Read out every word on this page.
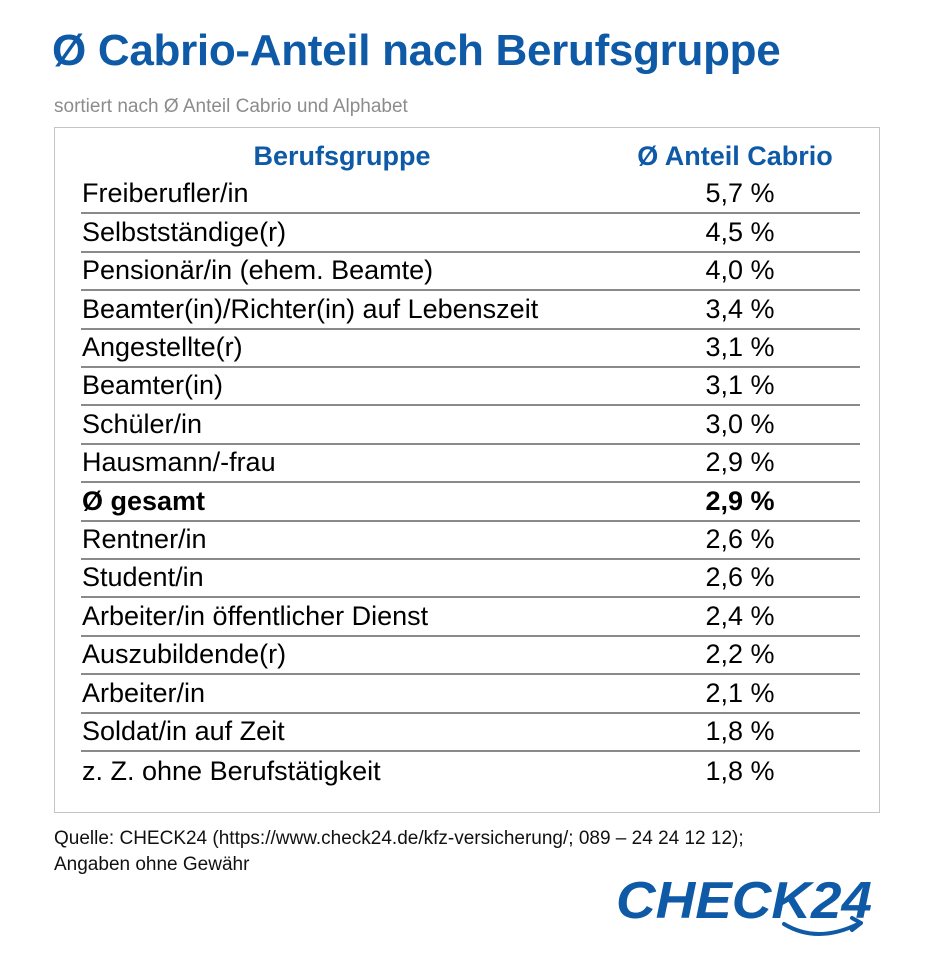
Ø Cabrio-Anteil nach Berufsgruppe
sortiert nach Ø Anteil Cabrio und Alphabet
Berufsgruppe	Ø Anteil Cabrio
Freiberufler/in	5,7 %
Selbstständige(r)	4,5 %
Pensionär/in (ehem. Beamte)	4,0 %
Beamter(in)/Richter(in) auf Lebenszeit	3,4 %
Angestellte(r)	3,1 %
Beamter(in)	3,1 %
Schüler/in	3,0 %
Hausmann/-frau	2,9 %
Ø gesamt	2,9 %
Rentner/in	2,6 %
Student/in	2,6 %
Arbeiter/in öffentlicher Dienst	2,4 %
Auszubildende(r)	2,2 %
Arbeiter/in	2,1 %
Soldat/in auf Zeit	1,8 %
z. Z. ohne Berufstätigkeit	1,8 %
Quelle: CHECK24 (https://www.check24.de/kfz-versicherung/; 089 – 24 24 12 12);
Angaben ohne Gewähr
CHECK24
